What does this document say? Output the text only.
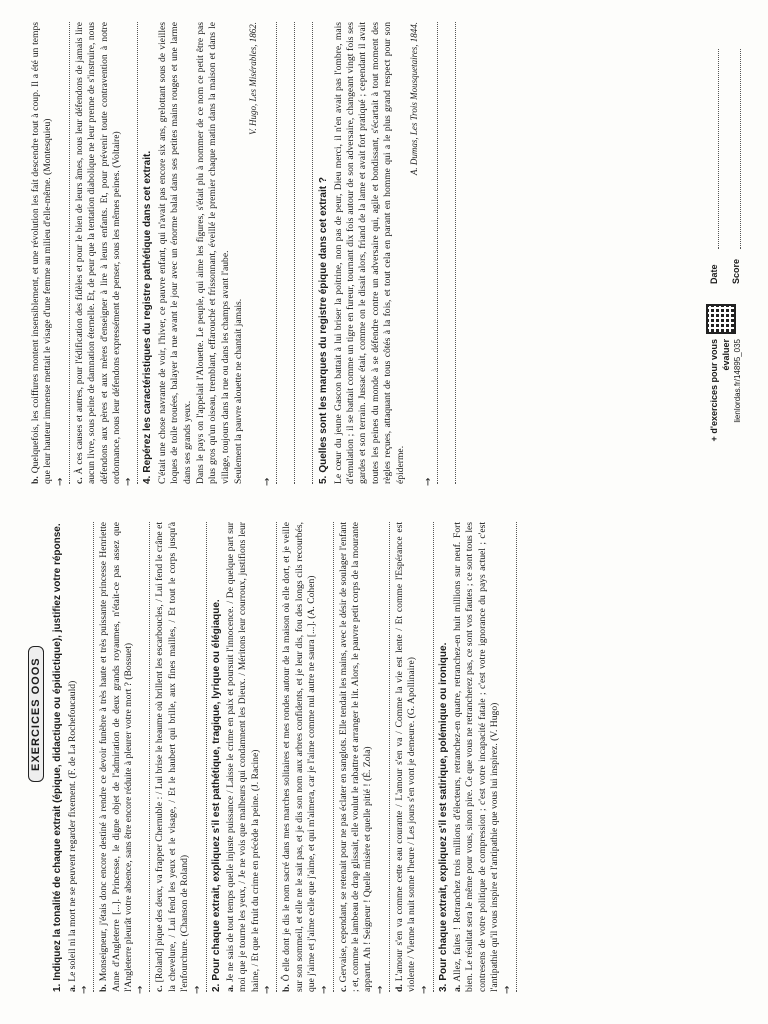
EXERCICES OOOS
1.Indiquez la tonalité de chaque extrait (épique, didactique ou épidictique), justifiez votre réponse.
a.Le soleil ni la mort ne se peuvent regarder fixement. (F. de La Rochefoucauld)
→ b.Monseigneur, j'étais donc encore destiné à rendre ce devoir funèbre à très haute et très puissante princesse Henriette Anne d'Angleterre [...]. Princesse, le digne objet de l'admiration de deux grands royaumes, n'était-ce pas assez que l'Angleterre pleurât votre absence, sans être encore réduite à pleurer votre mort ? (Bossuet) → c.[Roland] pique des deux, va frapper Chernuble : / Lui brise le heaume où brillent les escarboucles, / Lui fend le crâne et la chevelure, / Lui fend les yeux et le visage, / Et le haubert qui brille, aux fines mailles, / Et tout le corps jusqu'à l'enfourchure. (Chanson de Roland) → 2.Pour chaque extrait, expliquez s'il est pathétique, tragique, lyrique ou élégiaque.
a.Je ne sais de tout temps quelle injuste puissance / Laisse le crime en paix et poursuit l'innocence. / De quelque part sur moi que je tourne les yeux, / Je ne vois que malheurs qui condamnent les Dieux. / Méritons leur courroux, justifions leur haine, / Et que le fruit du crime en précède la peine. (J. Racine) → b.Ô elle dont je dis le nom sacré dans mes marches solitaires et mes rondes autour de la maison où elle dort, et je veille sur son sommeil, et elle ne le sait pas, et je dis son nom aux arbres confidents, et je leur dis, fou des longs cils recourbés, que j'aime et j'aime celle que j'aime, et qui m'aimera, car je l'aime comme nul autre ne saura [...]. (A. Cohen) → c.Gervaise, cependant, se retenait pour ne pas éclater en sanglots. Elle tendait les mains, avec le désir de soulager l'enfant ; et, comme le lambeau de drap glissait, elle voulut le rabattre et arranger le lit. Alors, le pauvre petit corps de la mourante apparut. Ah ! Seigneur ! Quelle misère et quelle pitié ! (É. Zola) → d.L'amour s'en va comme cette eau courante / L'amour s'en va / Comme la vie est lente / Et comme l'Espérance est violente / Vienne la nuit sonne l'heure / Les jours s'en vont je demeure. (G. Apollinaire) → 3.Pour chaque extrait, expliquez s'il est satirique, polémique ou ironique.
a.Allez, faites ! Retranchez trois millions d'électeurs, retranchez-en quatre, retranchez-en huit millions sur neuf. Fort bien. Le résultat sera le même pour vous, sinon pire. Ce que vous ne retrancherez pas, ce sont vos fautes ; ce sont tous les contresens de votre politique de compression ; c'est votre incapacité fatale ; c'est votre ignorance du pays actuel ; c'est l'antipathie qu'il vous inspire et l'antipathie que vous lui inspirez. (V. Hugo) →
b.Quelquefois, les coiffures montent insensiblement, et une révolution les fait descendre tout à coup. Il a été un temps que leur hauteur immense mettait le visage d'une femme au milieu d'elle-même. (Montesquieu) → c.À ces causes et autres, pour l'édification des fidèles et pour le bien de leurs âmes, nous leur défendons de jamais lire aucun livre, sous peine de damnation éternelle. Et, de peur que la tentation diabolique ne leur prenne de s'instruire, nous défendons aux pères et aux mères d'enseigner à lire à leurs enfants. Et, pour prévenir toute contravention à notre ordonnance, nous leur défendons expressément de penser, sous les mêmes peines. (Voltaire) → 4.Repérez les caractéristiques du registre pathétique dans cet extrait. C'était une chose navrante de voir, l'hiver, ce pauvre enfant, qui n'avait pas encore six ans, grelottant sous de vieilles loques de toile trouées, balayer la rue avant le jour avec un énorme balai dans ses petites mains rouges et une larme dans ses grands yeux. Dans le pays on l'appelait l'Alouette. Le peuple, qui aime les figures, s'était plu à nommer de ce nom ce petit être pas plus gros qu'un oiseau, tremblant, effarouché et frissonnant, éveillé le premier chaque matin dans la maison et dans le village, toujours dans la rue ou dans les champs avant l'aube. Seulement la pauvre alouette ne chantait jamais.

V. Hugo, Les Misérables, 1862.
→	5.Quelles sont les marques du registre épique dans cet extrait ? Le cœur du jeune Gascon battait à lui briser la poitrine, non pas de peur, Dieu merci, il n'en avait pas l'ombre, mais d'émulation ; il se battait comme un tigre en fureur, tournant dix fois autour de son adversaire, changeant vingt fois ses gardes et son terrain. Jussac était, comme on le disait alors, friand de la lame et avait fort pratiqué ; cependant il avait toutes les peines du monde à se défendre contre un adversaire qui, agile et bondissant, s'écartait à tout moment des règles reçues, attaquant de tous côtés à la fois, et tout cela en parant en homme qui a le plus grand respect pour son épiderme.

A. Dumas, Les Trois Mousquetaires, 1844.
→
+ d'exercices pour vous évaluer lienlordas.fr/14895_035
Date Score
